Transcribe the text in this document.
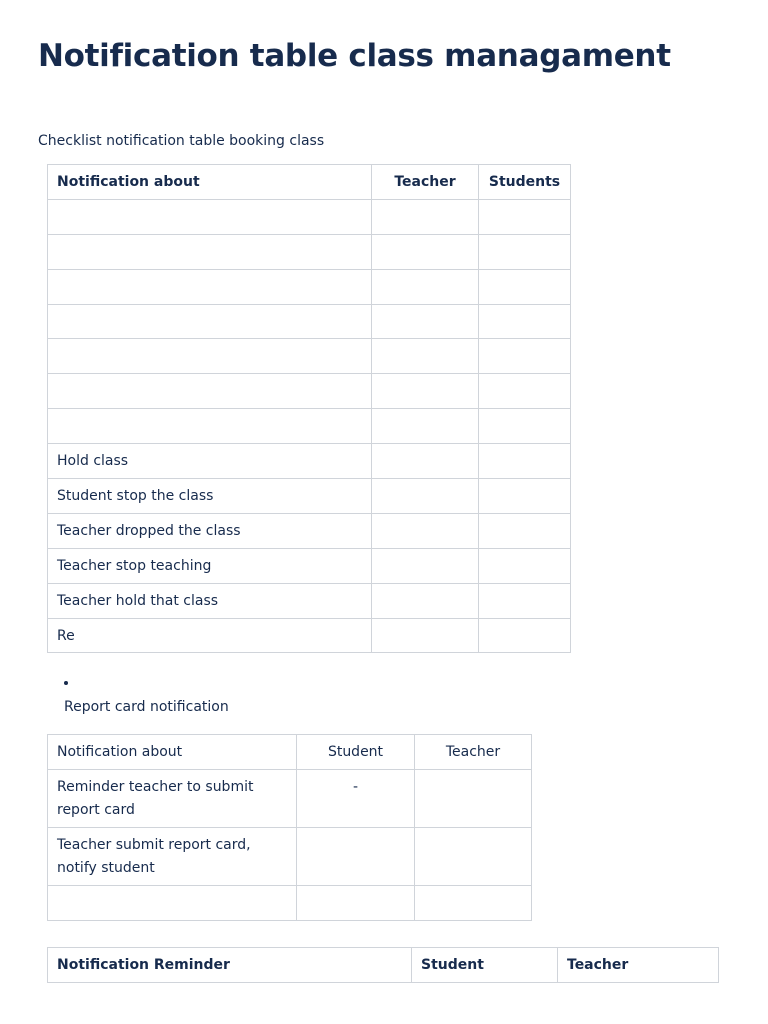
Notification table class managament
Checklist notification table booking class
Notification about	Teacher	Students

Hold class		
Student stop the class		
Teacher dropped the class		
Teacher stop teaching		
Teacher hold that class		
Re		
Report card notification
Notification about	Student	Teacher
Reminder teacher to submit report card	-	
Teacher submit report card, notify student		

Notification Reminder	Student	Teacher
